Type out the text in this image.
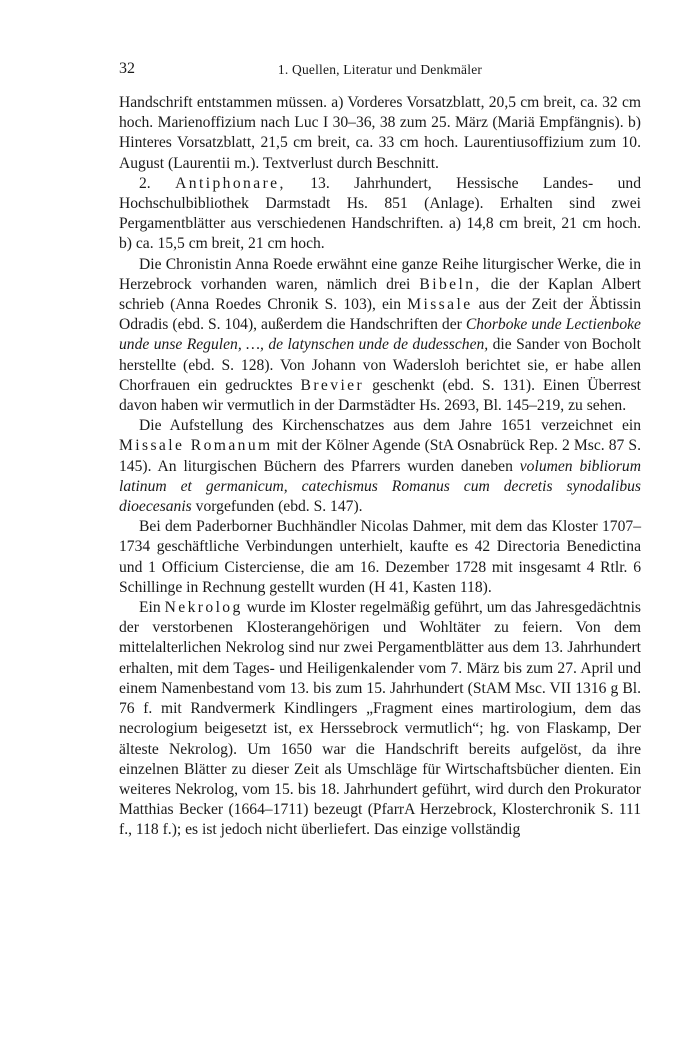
32	1. Quellen, Literatur und Denkmäler

Handschrift entstammen müssen. a) Vorderes Vorsatzblatt, 20,5 cm breit, ca. 32 cm hoch. Marienoffizium nach Luc I 30–36, 38 zum 25. März (Mariä Empfängnis). b) Hinteres Vorsatzblatt, 21,5 cm breit, ca. 33 cm hoch. Laurentiusoffizium zum 10. August (Laurentii m.). Textverlust durch Beschnitt.

2. Antiphonare, 13. Jahrhundert, Hessische Landes- und Hochschulbibliothek Darmstadt Hs. 851 (Anlage). Erhalten sind zwei Pergamentblätter aus verschiedenen Handschriften. a) 14,8 cm breit, 21 cm hoch. b) ca. 15,5 cm breit, 21 cm hoch.

Die Chronistin Anna Roede erwähnt eine ganze Reihe liturgischer Werke, die in Herzebrock vorhanden waren, nämlich drei Bibeln, die der Kaplan Albert schrieb (Anna Roedes Chronik S. 103), ein Missale aus der Zeit der Äbtissin Odradis (ebd. S. 104), außerdem die Handschriften der Chorboke unde Lectienboke unde unse Regulen, …, de latynschen unde de dudesschen, die Sander von Bocholt herstellte (ebd. S. 128). Von Johann von Wadersloh berichtet sie, er habe allen Chorfrauen ein gedrucktes Brevier geschenkt (ebd. S. 131). Einen Überrest davon haben wir vermutlich in der Darmstädter Hs. 2693, Bl. 145–219, zu sehen.

Die Aufstellung des Kirchenschatzes aus dem Jahre 1651 verzeichnet ein Missale Romanum mit der Kölner Agende (StA Osnabrück Rep. 2 Msc. 87 S. 145). An liturgischen Büchern des Pfarrers wurden daneben volumen bibliorum latinum et germanicum, catechismus Romanus cum decretis synodalibus dioecesanis vorgefunden (ebd. S. 147).

Bei dem Paderborner Buchhändler Nicolas Dahmer, mit dem das Kloster 1707–1734 geschäftliche Verbindungen unterhielt, kaufte es 42 Directoria Benedictina und 1 Officium Cisterciense, die am 16. Dezember 1728 mit insgesamt 4 Rtlr. 6 Schillinge in Rechnung gestellt wurden (H 41, Kasten 118).

Ein Nekrolog wurde im Kloster regelmäßig geführt, um das Jahresgedächtnis der verstorbenen Klosterangehörigen und Wohltäter zu feiern. Von dem mittelalterlichen Nekrolog sind nur zwei Pergamentblätter aus dem 13. Jahrhundert erhalten, mit dem Tages- und Heiligenkalender vom 7. März bis zum 27. April und einem Namenbestand vom 13. bis zum 15. Jahrhundert (StAM Msc. VII 1316 g Bl. 76 f. mit Randvermerk Kindlingers „Fragment eines martirologium, dem das necrologium beigesetzt ist, ex Herssebrock vermutlich“; hg. von Flaskamp, Der älteste Nekrolog). Um 1650 war die Handschrift bereits aufgelöst, da ihre einzelnen Blätter zu dieser Zeit als Umschläge für Wirtschaftsbücher dienten. Ein weiteres Nekrolog, vom 15. bis 18. Jahrhundert geführt, wird durch den Prokurator Matthias Becker (1664–1711) bezeugt (PfarrA Herzebrock, Klosterchronik S. 111 f., 118 f.); es ist jedoch nicht überliefert. Das einzige vollständig
